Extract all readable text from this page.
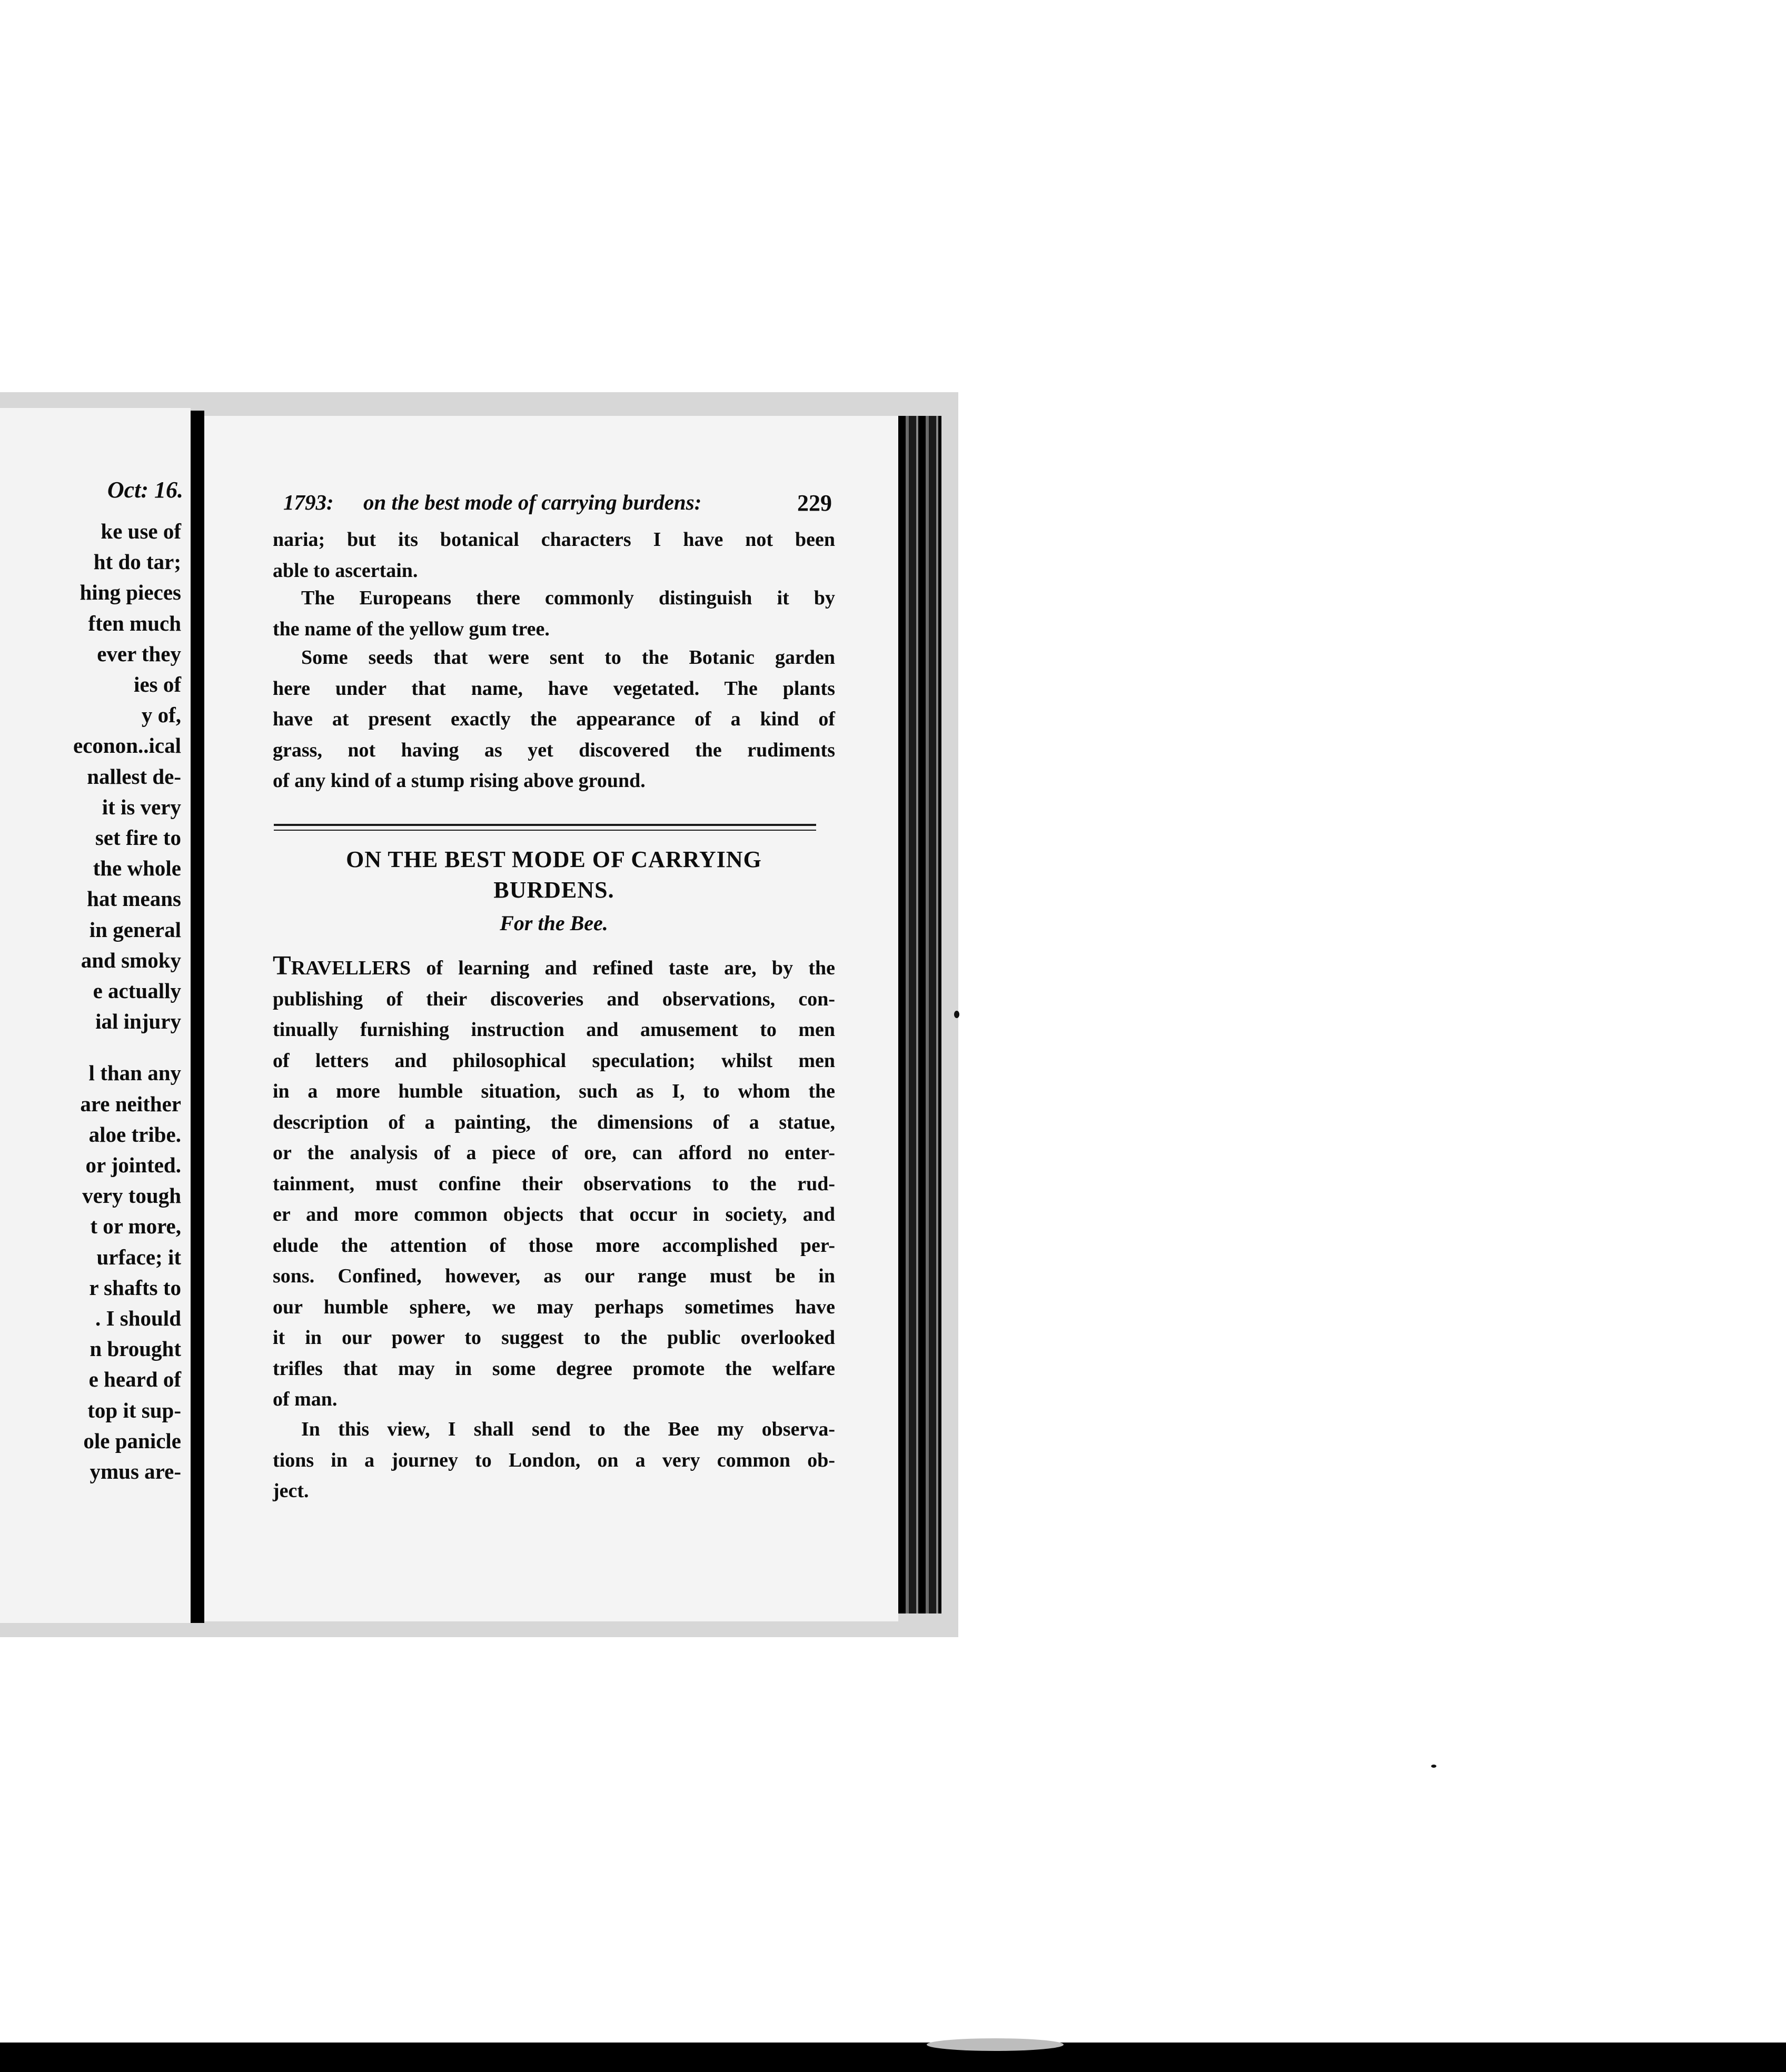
Oct: 16.
ke use of
ht do tar;
hing pieces
ften much
ever they
ies of
y of,
econon..ical
nallest de-
it is very
set fire to
the whole
hat means
in general
and smoky
e actually
ial injury
l than any
are neither
aloe tribe.
or jointed.
very tough
t or more,
urface; it
r shafts to
. I should
n brought
e heard of
top it sup-
ole panicle
ymus are-
1793: on the best mode of carrying burdens:	229
naria; but its botanical characters I have not been
able to ascertain.
The Europeans there commonly distinguish it by
the name of the yellow gum tree.
Some seeds that were sent to the Botanic garden
here under that name, have vegetated. The plants
have at present exactly the appearance of a kind of
grass, not having as yet discovered the rudiments
of any kind of a stump rising above ground.
ON THE BEST MODE OF CARRYING
BURDENS.
For the Bee.
TRAVELLERS of learning and refined taste are, by the
publishing of their discoveries and observations, con-
tinually furnishing instruction and amusement to men
of letters and philosophical speculation; whilst men
in a more humble situation, such as I, to whom the
description of a painting, the dimensions of a statue,
or the analysis of a piece of ore, can afford no enter-
tainment, must confine their observations to the rud-
er and more common objects that occur in society, and
elude the attention of those more accomplished per-
sons. Confined, however, as our range must be in
our humble sphere, we may perhaps sometimes have
it in our power to suggest to the public overlooked
trifles that may in some degree promote the welfare
of man.
In this view, I shall send to the Bee my observa-
tions in a journey to London, on a very common ob-
ject.
